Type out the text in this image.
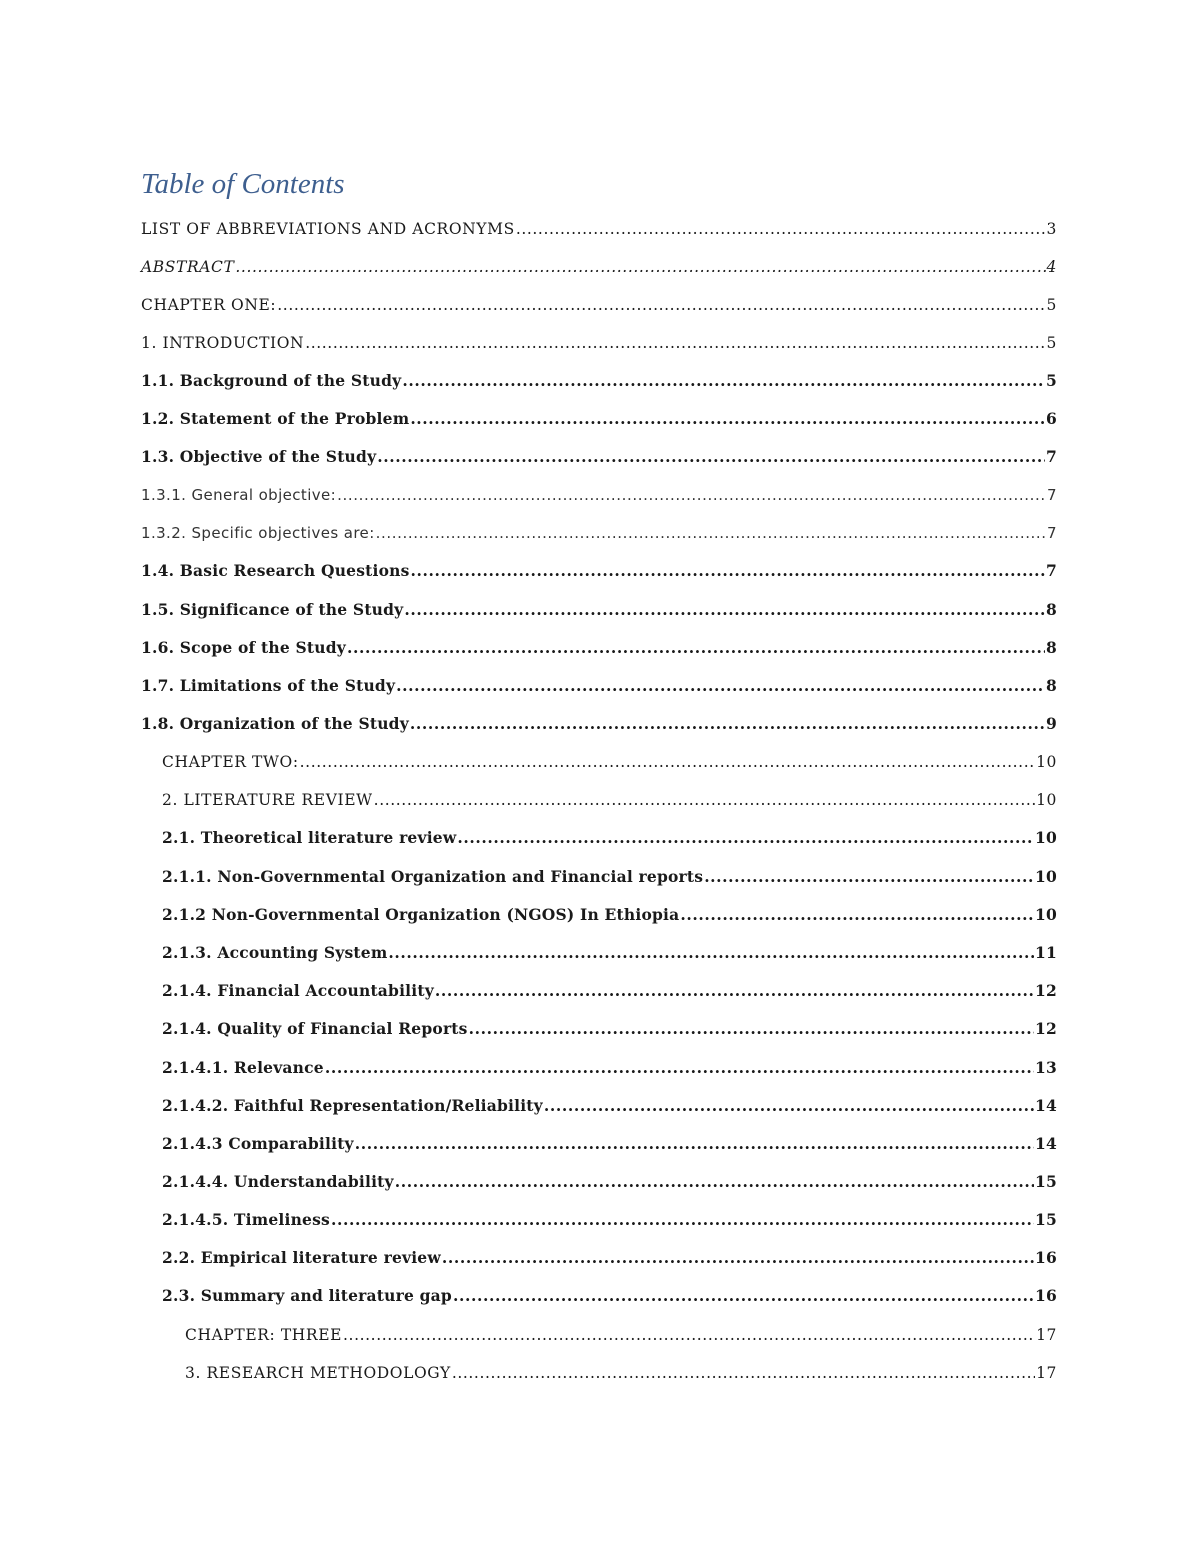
Table of Contents
LIST OF ABBREVIATIONS AND ACRONYMS .....	3
ABSTRACT .....	4
CHAPTER ONE: .....	5
1. INTRODUCTION .....	5
1.1. Background of the Study .....	5
1.2. Statement of the Problem .....	6
1.3. Objective of the Study .....	7
1.3.1. General objective: .....	7
1.3.2. Specific objectives are: .....	7
1.4. Basic Research Questions .....	7
1.5. Significance of the Study .....	8
1.6. Scope of the Study .....	8
1.7. Limitations of the Study .....	8
1.8. Organization of the Study .....	9
CHAPTER TWO: .....	10
2. LITERATURE REVIEW .....	10
2.1. Theoretical literature review .....	10
2.1.1. Non-Governmental Organization and Financial reports .....	10
2.1.2 Non-Governmental Organization (NGOS) In Ethiopia .....	10
2.1.3. Accounting System .....	11
2.1.4. Financial Accountability .....	12
2.1.4. Quality of Financial Reports .....	12
2.1.4.1. Relevance .....	13
2.1.4.2. Faithful Representation/Reliability .....	14
2.1.4.3 Comparability .....	14
2.1.4.4. Understandability .....	15
2.1.4.5. Timeliness .....	15
2.2. Empirical literature review .....	16
2.3. Summary and literature gap .....	16
CHAPTER: THREE .....	17
3. RESEARCH METHODOLOGY .....	17
